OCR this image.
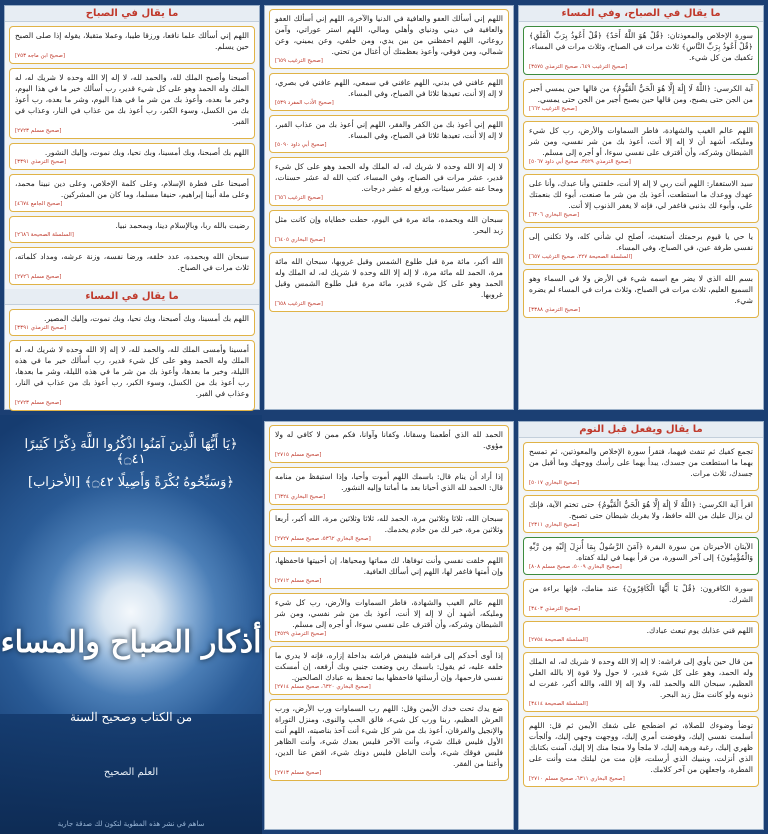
ما يقال في الصباح، وفي المساء
سورة الإخلاص والمعوذتان: ﴿قُلْ هُوَ اللَّهُ أَحَدٌ﴾ ﴿قُلْ أَعُوذُ بِرَبِّ الْفَلَقِ﴾ ﴿قُلْ أَعُوذُ بِرَبِّ النَّاسِ﴾ ثلاث مرات في الصباح، وثلاث مرات في المساء، تكفيك من كل شيء.
[صحيح الترغيب ٦٤٩، صحيح الترمذي ٣٥٧٥]
آية الكرسي: ﴿اللَّهُ لَا إِلَٰهَ إِلَّا هُوَ الْحَيُّ الْقَيُّومُ﴾ من قالها حين يمسي أجير من الجن حتى يصبح، ومن قالها حين يصبح أجير من الجن حتى يمسي.
[صحيح الترغيب ٦٦٢]
اللهم عالم الغيب والشهادة، فاطر السماوات والأرض، رب كل شيء ومليكه، أشهد أن لا إله إلا أنت، أعوذ بك من شر نفسي، ومن شر الشيطان وشركه، وأن أقترف على نفسي سوءا، أو أجره إلى مسلم.
[صحيح الترمذي ٣٥٢٩، صحيح أبي داود ٥٠٦٧]
سيد الاستغفار: اللهم أنت ربي لا إله إلا أنت، خلقتني وأنا عبدك، وأنا على عهدك ووعدك ما استطعت، أعوذ بك من شر ما صنعت، أبوء لك بنعمتك علي، وأبوء لك بذنبي فاغفر لي، فإنه لا يغفر الذنوب إلا أنت.
[صحيح البخاري ٦٣٠٦]
يا حي يا قيوم برحمتك أستغيث، أصلح لي شأني كله، ولا تكلني إلى نفسي طرفة عين، في الصباح، وفي المساء.
[السلسلة الصحيحة ٢٢٧، صحيح الترغيب ٦٥٧]
بسم الله الذي لا يضر مع اسمه شيء في الأرض ولا في السماء وهو السميع العليم، ثلاث مرات في الصباح، وثلاث مرات في المساء لم يضره شيء.
[صحيح الترمذي ٣٣٨٨]
اللهم إني أسألك العفو والعافية في الدنيا والآخرة، اللهم إني أسألك العفو والعافية في ديني ودنياي وأهلي ومالي، اللهم استر عوراتي، وآمن روعاتي، اللهم احفظني من بين يدي، ومن خلفي، وعن يميني، وعن شمالي، ومن فوقي، وأعوذ بعظمتك أن أغتال من تحتي.
[صحيح الترغيب ٦٥٩]
اللهم عافني في بدني، اللهم عافني في سمعي، اللهم عافني في بصري، لا إله إلا أنت، تعيدها ثلاثا في الصباح، وفي المساء.
[صحيح الأدب المفرد ٥٣٩]
اللهم إني أعوذ بك من الكفر والفقر، اللهم إني أعوذ بك من عذاب القبر، لا إله إلا أنت، تعيدها ثلاثا في الصباح، وفي المساء.
[صحيح أبي داود ٥٠٩٠]
لا إله إلا الله وحده لا شريك له، له الملك وله الحمد وهو على كل شيء قدير، عشر مرات في الصباح، وفي المساء، كتب الله له عشر حسنات، ومحا عنه عشر سيئات، ورفع له عشر درجات.
[صحيح الترغيب ٦٥٦]
سبحان الله وبحمده، مائة مرة في اليوم، حطت خطاياه وإن كانت مثل زبد البحر.
[صحيح البخاري ٦٤٠٥]
الله أكبر، مائة مرة قبل طلوع الشمس وقبل غروبها، سبحان الله مائة مرة، الحمد لله مائة مرة، لا إله إلا الله وحده لا شريك له، له الملك وله الحمد وهو على كل شيء قدير، مائة مرة قبل طلوع الشمس وقبل غروبها.
[صحيح الترغيب ٦٥٨]
ما يقال في الصباح
اللهم إني أسألك علما نافعا، ورزقا طيبا، وعملا متقبلا، يقوله إذا صلى الصبح حين يسلم.
[صحيح ابن ماجه ٧٥٣]
أصبحنا وأصبح الملك لله، والحمد لله، لا إله إلا الله وحده لا شريك له، له الملك وله الحمد وهو على كل شيء قدير، رب أسألك خير ما في هذا اليوم، وخير ما بعده، وأعوذ بك من شر ما في هذا اليوم، وشر ما بعده، رب أعوذ بك من الكسل، وسوء الكبر، رب أعوذ بك من عذاب في النار، وعذاب في القبر.
[صحيح مسلم ٢٧٢٣]
اللهم بك أصبحنا، وبك أمسينا، وبك نحيا، وبك نموت، وإليك النشور.
[صحيح الترمذي ٣٣٩١]
أصبحنا على فطرة الإسلام، وعلى كلمة الإخلاص، وعلى دين نبينا محمد، وعلى ملة أبينا إبراهيم، حنيفا مسلما، وما كان من المشركين.
[صحيح الجامع ٤٦٧٤]
رضيت بالله ربا، وبالإسلام دينا، وبمحمد نبيا.
[السلسلة الصحيحة ٢٦٨٦]
سبحان الله وبحمده، عدد خلقه، ورضا نفسه، وزنة عرشه، ومداد كلماته، ثلاث مرات في الصباح.
[صحيح مسلم ٢٧٢٦]
ما يقال في المساء
اللهم بك أمسينا، وبك أصبحنا، وبك نحيا، وبك نموت، وإليك المصير.
[صحيح الترمذي ٣٣٩١]
أمسينا وأمسى الملك لله، والحمد لله، لا إله إلا الله وحده لا شريك له، له الملك وله الحمد وهو على كل شيء قدير، رب أسألك خير ما في هذه الليلة، وخير ما بعدها، وأعوذ بك من شر ما في هذه الليلة، وشر ما بعدها، رب أعوذ بك من الكسل، وسوء الكبر، رب أعوذ بك من عذاب في النار، وعذاب في القبر.
[صحيح مسلم ٢٧٢٣]
ما يقال ويفعل قبل النوم
تجمع كفيك ثم تنفث فيهما، فتقرأ سورة الإخلاص والمعوذتين، ثم تمسح بهما ما استطعت من جسدك، يبدأ بهما على رأسك ووجهك وما أقبل من جسدك، ثلاث مرات.
[صحيح البخاري ٥٠١٧]
اقرأ آية الكرسي: ﴿اللَّهُ لَا إِلَٰهَ إِلَّا هُوَ الْحَيُّ الْقَيُّومُ﴾ حتى تختم الآية، فإنك لن يزال عليك من الله حافظ، ولا يقربك شيطان حتى تصبح.
[صحيح البخاري ٢٣١١]
الآيتان الأخيرتان من سورة البقرة ﴿آمَنَ الرَّسُولُ بِمَا أُنزِلَ إِلَيْهِ مِن رَّبِّهِ وَالْمُؤْمِنُونَ﴾ إلى آخر السورة، من قرأ بهما في ليلة كفتاه.
[صحيح البخاري ٥٠٠٩، صحيح مسلم ٨٠٨]
سورة الكافرون: ﴿قُلْ يَا أَيُّهَا الْكَافِرُونَ﴾ عند منامك، فإنها براءة من الشرك.
[صحيح الترمذي ٣٤٠٣]
اللهم قني عذابك يوم تبعث عبادك.
[السلسلة الصحيحة ٢٧٥٤]
من قال حين يأوي إلى فراشه: لا إله إلا الله وحده لا شريك له، له الملك وله الحمد، وهو على كل شيء قدير، لا حول ولا قوة إلا بالله العلي العظيم، سبحان الله والحمد لله، ولا إله إلا الله، والله أكبر، غفرت له ذنوبه ولو كانت مثل زبد البحر.
[السلسلة الصحيحة ٣٤١٤]
توضأ وضوءك للصلاة، ثم اضطجع على شقك الأيمن ثم قل: اللهم أسلمت نفسي إليك، وفوضت أمري إليك، ووجهت وجهي إليك، وألجأت ظهري إليك، رغبة ورهبة إليك، لا ملجأ ولا منجا منك إلا إليك، آمنت بكتابك الذي أنزلت، وبنبيك الذي أرسلت، فإن مت من ليلتك مت وأنت على الفطرة، واجعلهن من آخر كلامك.
[صحيح البخاري ٦٣١١، صحيح مسلم ٢٧١٠]
الحمد لله الذي أطعمنا وسقانا، وكفانا وآوانا، فكم ممن لا كافي له ولا مؤوي.
[صحيح مسلم ٢٧١٥]
إذا أراد أن ينام قال: باسمك اللهم أموت وأحيا، وإذا استيقظ من منامه قال: الحمد لله الذي أحيانا بعد ما أماتنا وإليه النشور.
[صحيح البخاري ٦٣٢٤]
سبحان الله، ثلاثا وثلاثين مرة، الحمد لله، ثلاثا وثلاثين مرة، الله أكبر، أربعا وثلاثين مرة، خير لك من خادم يخدمك.
[صحيح البخاري ٥٣٦٢، صحيح مسلم ٢٧٢٧]
اللهم خلقت نفسي وأنت توفاها، لك مماتها ومحياها، إن أحييتها فاحفظها، وإن أمتها فاغفر لها، اللهم إني أسألك العافية.
[صحيح مسلم ٢٧١٢]
اللهم عالم الغيب والشهادة، فاطر السماوات والأرض، رب كل شيء ومليكه، أشهد أن لا إله إلا أنت، أعوذ بك من شر نفسي، ومن شر الشيطان وشركه، وأن أقترف على نفسي سوءا، أو أجره إلى مسلم.
[صحيح الترمذي ٣٥٢٩]
إذا أوى أحدكم إلى فراشه فلينفض فراشه بداخلة إزاره، فإنه لا يدري ما خلفه عليه، ثم يقول: باسمك ربي وضعت جنبي وبك أرفعه، إن أمسكت نفسي فارحمها، وإن أرسلتها فاحفظها بما تحفظ به عبادك الصالحين.
[صحيح البخاري ٦٣٢٠، صحيح مسلم ٢٧١٤]
ضع يدك تحت خدك الأيمن وقل: اللهم رب السماوات ورب الأرض، ورب العرش العظيم، ربنا ورب كل شيء، فالق الحب والنوى، ومنزل التوراة والإنجيل والفرقان، أعوذ بك من شر كل شيء أنت آخذ بناصيته، اللهم أنت الأول فليس قبلك شيء، وأنت الآخر فليس بعدك شيء، وأنت الظاهر فليس فوقك شيء، وأنت الباطن فليس دونك شيء، اقض عنا الدين، وأغننا من الفقر.
[صحيح مسلم ٢٧١٣]
﴿يَا أَيُّهَا الَّذِينَ آمَنُوا اذْكُرُوا اللَّهَ ذِكْرًا كَثِيرًا ۝٤١﴾
﴿وَسَبِّحُوهُ بُكْرَةً وَأَصِيلًا ۝٤٢﴾ [الأحزاب]
أذكار الصباح والمساء
من الكتاب وصحيح السنة
العلم الصحيح
ساهم في نشر هذه المطوية لتكون لك صدقة جارية
